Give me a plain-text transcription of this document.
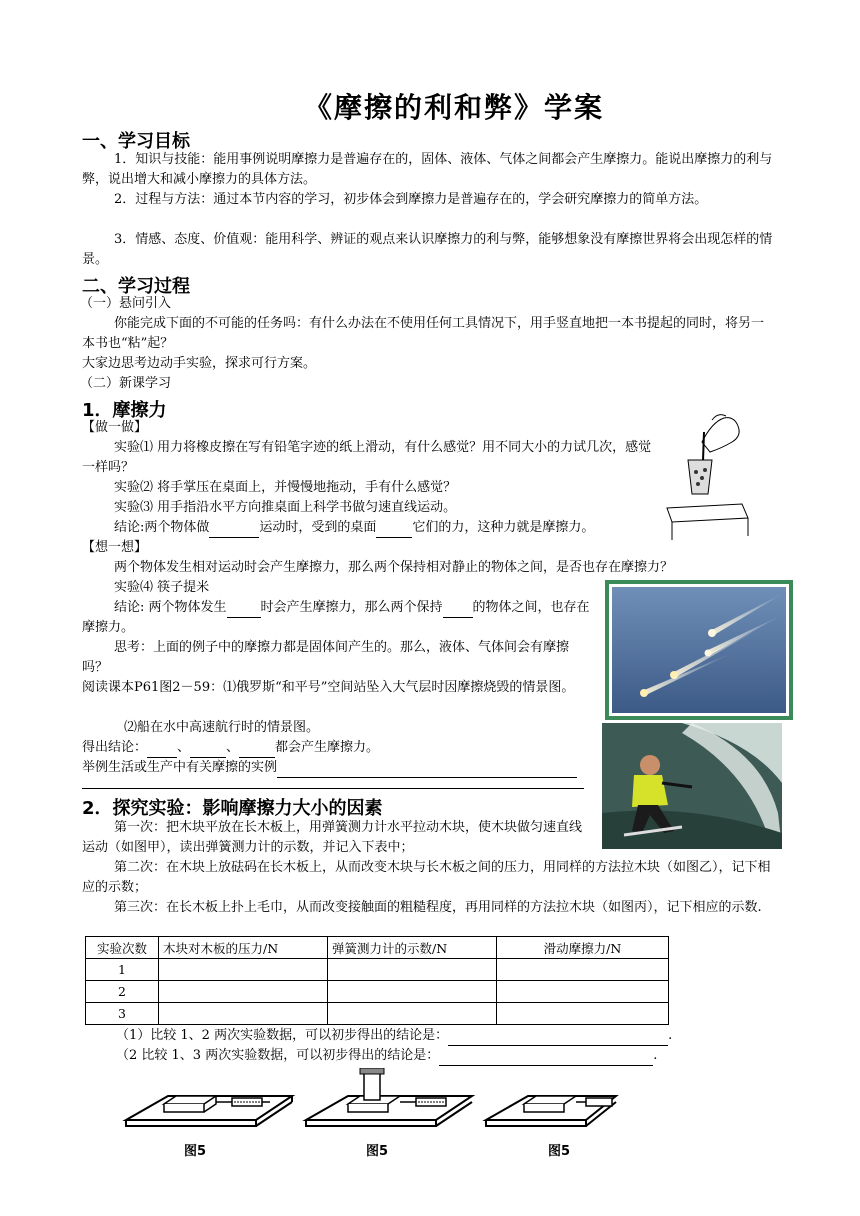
《摩擦的利和弊》学案
一、学习目标
1．知识与技能：能用事例说明摩擦力是普遍存在的，固体、液体、气体之间都会产生摩擦力。能说出摩擦力的利与弊，说出增大和减小摩擦力的具体方法。
2．过程与方法：通过本节内容的学习，初步体会到摩擦力是普遍存在的，学会研究摩擦力的简单方法。
3．情感、态度、价值观：能用科学、辨证的观点来认识摩擦力的利与弊，能够想象没有摩擦世界将会出现怎样的情景。
二、学习过程
（一）悬问引入
你能完成下面的不可能的任务吗：有什么办法在不使用任何工具情况下，用手竖直地把一本书提起的同时，将另一本书也“粘”起？
大家边思考边动手实验，探求可行方案。
（二）新课学习
1．摩擦力
【做一做】
实验⑴ 用力将橡皮擦在写有铅笔字迹的纸上滑动，有什么感觉？用不同大小的力试几次，感觉一样吗？
实验⑵ 将手掌压在桌面上，并慢慢地拖动，手有什么感觉？
实验⑶ 用手指沿水平方向推桌面上科学书做匀速直线运动。
结论:两个物体做	运动时，受到的桌面	它们的力，这种力就是摩擦力。
【想一想】
两个物体发生相对运动时会产生摩擦力，那么两个保持相对静止的物体之间，是否也存在摩擦力？
实验⑷ 筷子提米
结论: 两个物体发生	时会产生摩擦力，那么两个保持 的物体之间，也存在摩擦力。
思考：上面的例子中的摩擦力都是固体间产生的。那么，液体、气体间会有摩擦吗？
阅读课本P61图2－59：⑴俄罗斯“和平号”空间站坠入大气层时因摩擦烧毁的情景图。
⑵船在水中高速航行时的情景图。
得出结论： 、	、	都会产生摩擦力。
举例生活或生产中有关摩擦的实例
2．探究实验：影响摩擦力大小的因素
第一次：把木块平放在长木板上，用弹簧测力计水平拉动木块，使木块做匀速直线运动（如图甲），读出弹簧测力计的示数，并记入下表中；
第二次：在木块上放砝码在长木板上，从而改变木块与长木板之间的压力，用同样的方法拉木块（如图乙），记下相应的示数；
第三次：在长木板上扑上毛巾，从而改变接触面的粗糙程度，再用同样的方法拉木块（如图丙），记下相应的示数.
实验次数	木块对木板的压力/N	弹簧测力计的示数/N	滑动摩擦力/N
1			
2			
3			
（1）比较 1、2 两次实验数据，可以初步得出的结论是：	.
（2 比较 1、3 两次实验数据，可以初步得出的结论是：	.
图5	图5	图5
